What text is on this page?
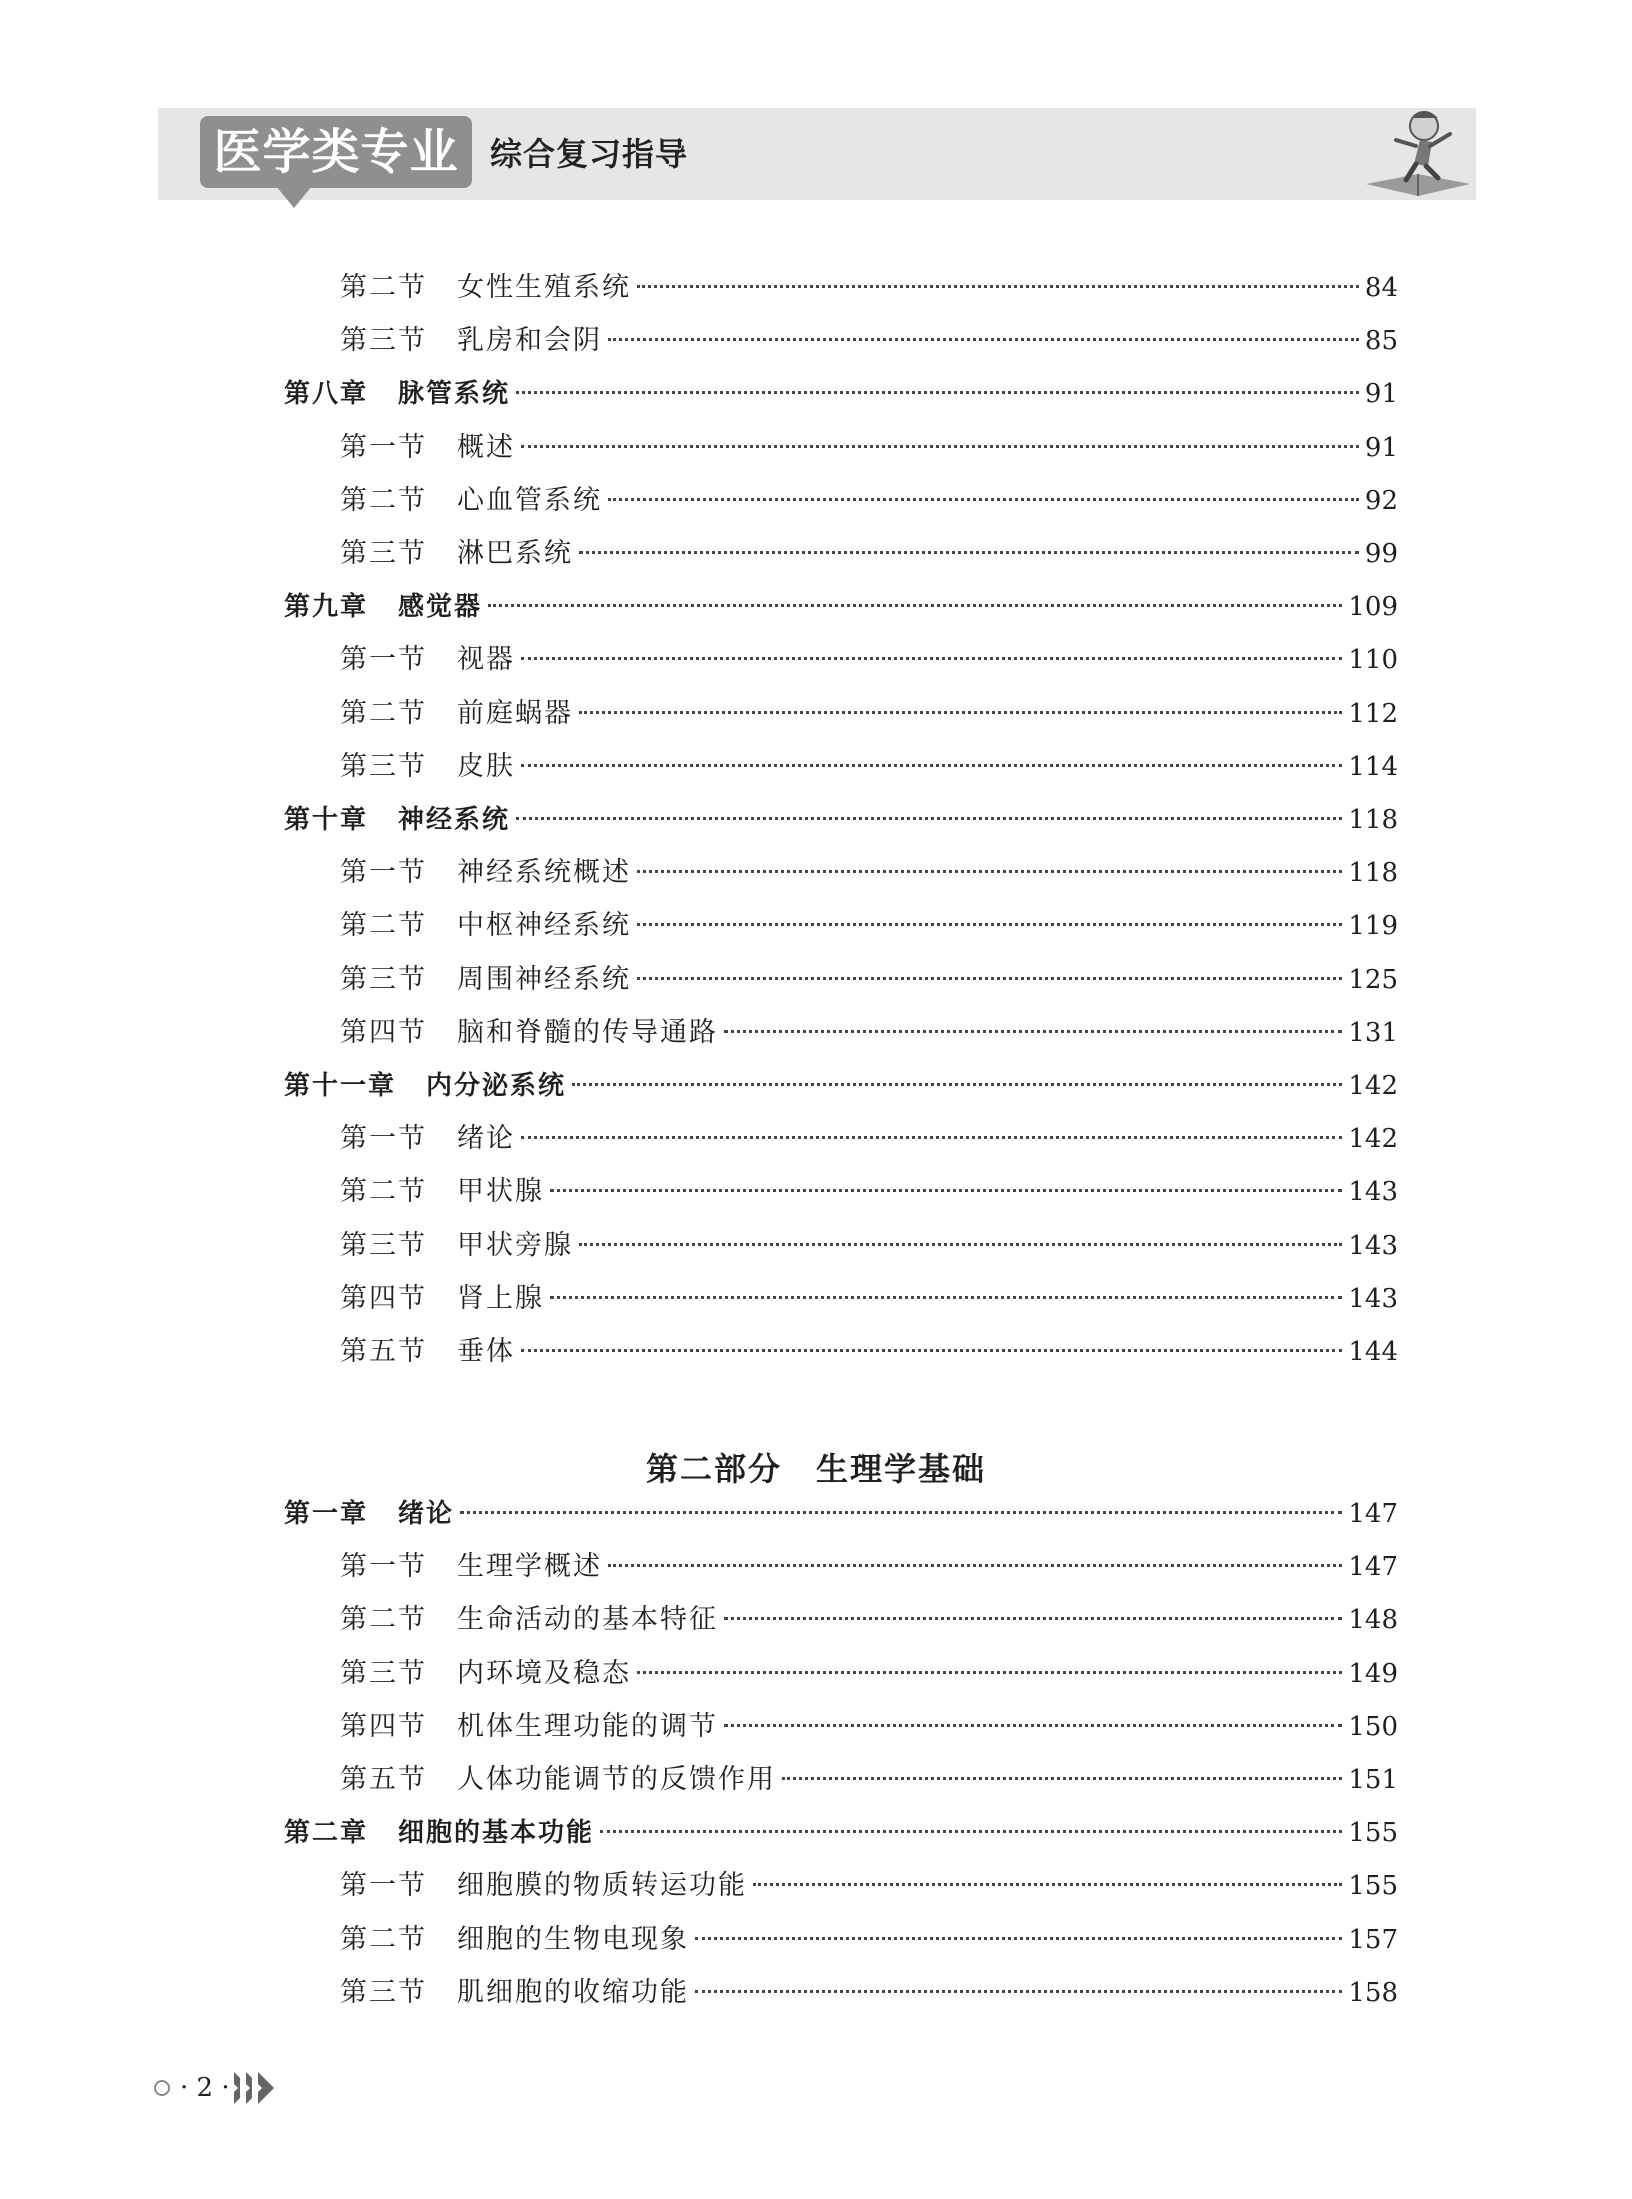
医学类专业 综合复习指导
第二节 女性生殖系统	84
第三节 乳房和会阴	85
第八章 脉管系统	91
第一节 概述	91
第二节 心血管系统	92
第三节 淋巴系统	99
第九章 感觉器	109
第一节 视器	110
第二节 前庭蜗器	112
第三节 皮肤	114
第十章 神经系统	118
第一节 神经系统概述	118
第二节 中枢神经系统	119
第三节 周围神经系统	125
第四节 脑和脊髓的传导通路	131
第十一章 内分泌系统	142
第一节 绪论	142
第二节 甲状腺	143
第三节 甲状旁腺	143
第四节 肾上腺	143
第五节 垂体	144
第二部分　生理学基础
第一章 绪论	147
第一节 生理学概述	147
第二节 生命活动的基本特征	148
第三节 内环境及稳态	149
第四节 机体生理功能的调节	150
第五节 人体功能调节的反馈作用	151
第二章 细胞的基本功能	155
第一节 细胞膜的物质转运功能	155
第二节 细胞的生物电现象	157
第三节 肌细胞的收缩功能	158
· 2 ·
